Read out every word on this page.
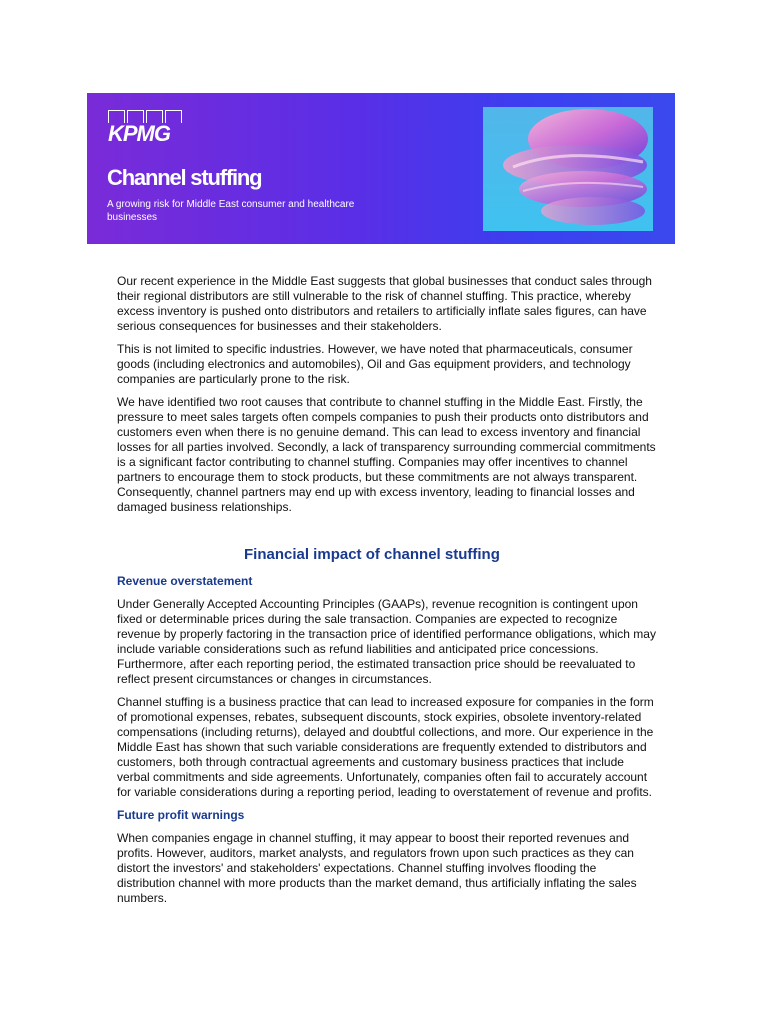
KPMG
Channel stuffing
A growing risk for Middle East consumer and healthcare businesses

Our recent experience in the Middle East suggests that global businesses that conduct sales through their regional distributors are still vulnerable to the risk of channel stuffing. This practice, whereby excess inventory is pushed onto distributors and retailers to artificially inflate sales figures, can have serious consequences for businesses and their stakeholders.

This is not limited to specific industries. However, we have noted that pharmaceuticals, consumer goods (including electronics and automobiles), Oil and Gas equipment providers, and technology companies are particularly prone to the risk.

We have identified two root causes that contribute to channel stuffing in the Middle East. Firstly, the pressure to meet sales targets often compels companies to push their products onto distributors and customers even when there is no genuine demand. This can lead to excess inventory and financial losses for all parties involved. Secondly, a lack of transparency surrounding commercial commitments is a significant factor contributing to channel stuffing. Companies may offer incentives to channel partners to encourage them to stock products, but these commitments are not always transparent. Consequently, channel partners may end up with excess inventory, leading to financial losses and damaged business relationships.

Financial impact of channel stuffing
Revenue overstatement

Under Generally Accepted Accounting Principles (GAAPs), revenue recognition is contingent upon fixed or determinable prices during the sale transaction. Companies are expected to recognize revenue by properly factoring in the transaction price of identified performance obligations, which may include variable considerations such as refund liabilities and anticipated price concessions. Furthermore, after each reporting period, the estimated transaction price should be reevaluated to reflect present circumstances or changes in circumstances.

Channel stuffing is a business practice that can lead to increased exposure for companies in the form of promotional expenses, rebates, subsequent discounts, stock expiries, obsolete inventory-related compensations (including returns), delayed and doubtful collections, and more. Our experience in the Middle East has shown that such variable considerations are frequently extended to distributors and customers, both through contractual agreements and customary business practices that include verbal commitments and side agreements. Unfortunately, companies often fail to accurately account for variable considerations during a reporting period, leading to overstatement of revenue and profits.

Future profit warnings

When companies engage in channel stuffing, it may appear to boost their reported revenues and profits. However, auditors, market analysts, and regulators frown upon such practices as they can distort the investors' and stakeholders' expectations. Channel stuffing involves flooding the distribution channel with more products than the market demand, thus artificially inflating the sales numbers.
